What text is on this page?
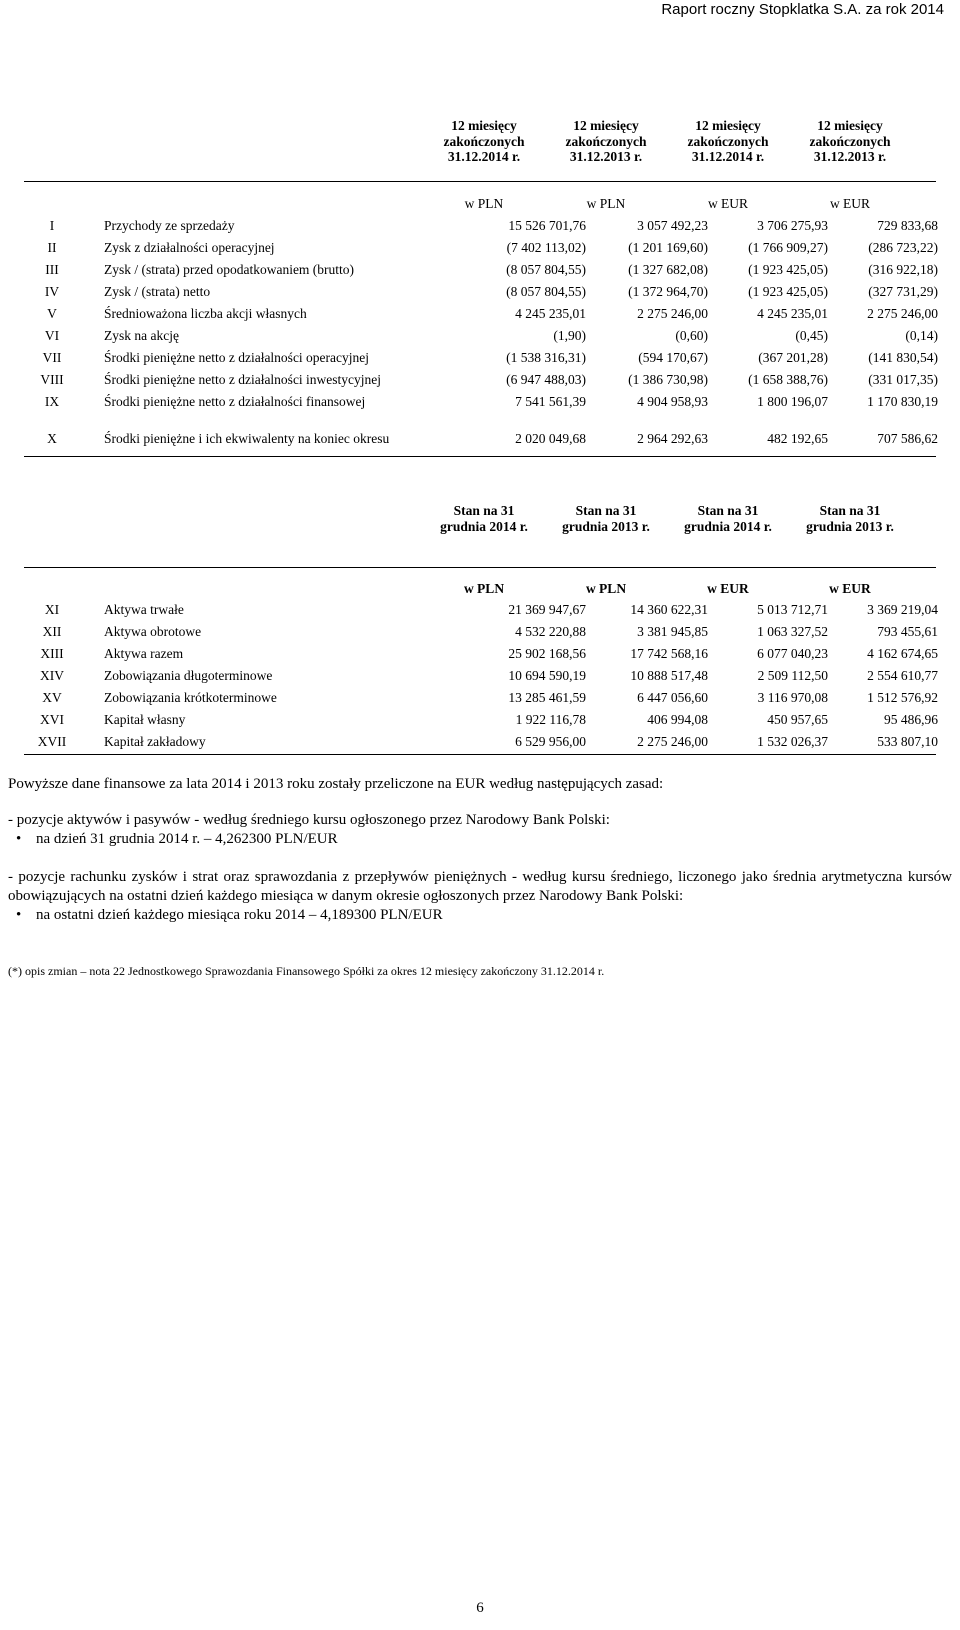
Raport roczny Stopklatka S.A. za rok 2014
12 miesięcy
zakończonych
31.12.2014 r.
12 miesięcy
zakończonych
31.12.2013 r.
12 miesięcy
zakończonych
31.12.2014 r.
12 miesięcy
zakończonych
31.12.2013 r.
w PLN	w PLN	w EUR	w EUR
I	Przychody ze sprzedaży	15 526 701,76	3 057 492,23	3 706 275,93	729 833,68
II	Zysk z działalności operacyjnej	(7 402 113,02)	(1 201 169,60)	(1 766 909,27)	(286 723,22)
III	Zysk / (strata) przed opodatkowaniem (brutto)	(8 057 804,55)	(1 327 682,08)	(1 923 425,05)	(316 922,18)
IV	Zysk / (strata) netto	(8 057 804,55)	(1 372 964,70)	(1 923 425,05)	(327 731,29)
V	Średnioważona liczba akcji własnych	4 245 235,01	2 275 246,00	4 245 235,01	2 275 246,00
VI	Zysk na akcję	(1,90)	(0,60)	(0,45)	(0,14)
VII	Środki pieniężne netto z działalności operacyjnej	(1 538 316,31)	(594 170,67)	(367 201,28)	(141 830,54)
VIII	Środki pieniężne netto z działalności inwestycyjnej	(6 947 488,03)	(1 386 730,98)	(1 658 388,76)	(331 017,35)
IX	Środki pieniężne netto z działalności finansowej	7 541 561,39	4 904 958,93	1 800 196,07	1 170 830,19
X	Środki pieniężne i ich ekwiwalenty na koniec okresu	2 020 049,68	2 964 292,63	482 192,65	707 586,62
Stan na 31
grudnia 2014 r.
Stan na 31
grudnia 2013 r.
Stan na 31
grudnia 2014 r.
Stan na 31
grudnia 2013 r.
w PLN	w PLN	w EUR	w EUR
XI	Aktywa trwałe	21 369 947,67	14 360 622,31	5 013 712,71	3 369 219,04
XII	Aktywa obrotowe	4 532 220,88	3 381 945,85	1 063 327,52	793 455,61
XIII	Aktywa razem	25 902 168,56	17 742 568,16	6 077 040,23	4 162 674,65
XIV	Zobowiązania długoterminowe	10 694 590,19	10 888 517,48	2 509 112,50	2 554 610,77
XV	Zobowiązania krótkoterminowe	13 285 461,59	6 447 056,60	3 116 970,08	1 512 576,92
XVI	Kapitał własny	1 922 116,78	406 994,08	450 957,65	95 486,96
XVII	Kapitał zakładowy	6 529 956,00	2 275 246,00	1 532 026,37	533 807,10

Powyższe dane finansowe za lata 2014 i 2013 roku zostały przeliczone na EUR według następujących zasad:

- pozycje aktywów i pasywów - według średniego kursu ogłoszonego przez Narodowy Bank Polski:

• na dzień 31 grudnia 2014 r. – 4,262300 PLN/EUR

- pozycje rachunku zysków i strat oraz sprawozdania z przepływów pieniężnych - według kursu średniego, liczonego jako średnia arytmetyczna kursów obowiązujących na ostatni dzień każdego miesiąca w danym okresie ogłoszonych przez Narodowy Bank Polski:

• na ostatni dzień każdego miesiąca roku 2014 – 4,189300 PLN/EUR

(*) opis zmian – nota 22 Jednostkowego Sprawozdania Finansowego Spółki za okres 12 miesięcy zakończony 31.12.2014 r.

6
